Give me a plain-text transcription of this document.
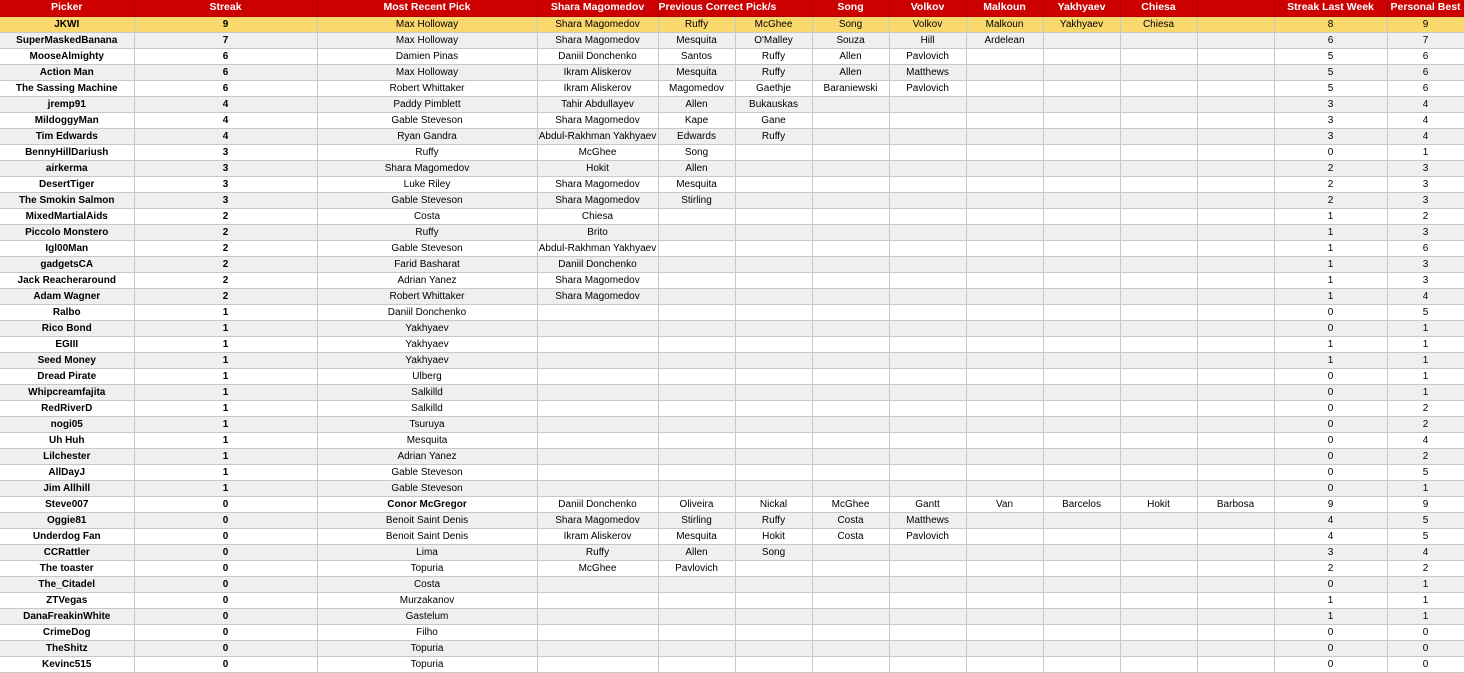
Picker	Streak	Most Recent Pick	Shara Magomedov	Previous Correct Pick/s		Song	Volkov	Malkoun	Yakhyaev	Chiesa		Streak Last Week	Personal Best
JKWI	9	Max Holloway	Shara Magomedov	Ruffy	McGhee	Song	Volkov	Malkoun	Yakhyaev	Chiesa		8	9
SuperMaskedBanana	7	Max Holloway	Shara Magomedov	Mesquita	O'Malley	Souza	Hill	Ardelean				6	7
MooseAlmighty	6	Damien Pinas	Daniil Donchenko	Santos	Ruffy	Allen	Pavlovich					5	6
Action Man	6	Max Holloway	Ikram Aliskerov	Mesquita	Ruffy	Allen	Matthews					5	6
The Sassing Machine	6	Robert Whittaker	Ikram Aliskerov	Magomedov	Gaethje	Baraniewski	Pavlovich					5	6
jremp91	4	Paddy Pimblett	Tahir Abdullayev	Allen	Bukauskas							3	4
MildoggyMan	4	Gable Steveson	Shara Magomedov	Kape	Gane							3	4
Tim Edwards	4	Ryan Gandra	Abdul-Rakhman Yakhyaev	Edwards	Ruffy							3	4
BennyHillDariush	3	Ruffy	McGhee	Song								0	1
airkerma	3	Shara Magomedov	Hokit	Allen								2	3
DesertTiger	3	Luke Riley	Shara Magomedov	Mesquita								2	3
The Smokin Salmon	3	Gable Steveson	Shara Magomedov	Stirling								2	3
MixedMartialAids	2	Costa	Chiesa									1	2
Piccolo Monstero	2	Ruffy	Brito									1	3
Igl00Man	2	Gable Steveson	Abdul-Rakhman Yakhyaev									1	6
gadgetsCA	2	Farid Basharat	Daniil Donchenko									1	3
Jack Reacheraround	2	Adrian Yanez	Shara Magomedov									1	3
Adam Wagner	2	Robert Whittaker	Shara Magomedov									1	4
Ralbo	1	Daniil Donchenko										0	5
Rico Bond	1	Yakhyaev										0	1
EGIII	1	Yakhyaev										1	1
Seed Money	1	Yakhyaev										1	1
Dread Pirate	1	Ulberg										0	1
Whipcreamfajita	1	Salkilld										0	1
RedRiverD	1	Salkilld										0	2
nogi05	1	Tsuruya										0	2
Uh Huh	1	Mesquita										0	4
Lilchester	1	Adrian Yanez										0	2
AllDayJ	1	Gable Steveson										0	5
Jim Allhill	1	Gable Steveson										0	1
Steve007	0	Conor McGregor	Daniil Donchenko	Oliveira	Nickal	McGhee	Gantt	Van	Barcelos	Hokit	Barbosa	9	9
Oggie81	0	Benoit Saint Denis	Shara Magomedov	Stirling	Ruffy	Costa	Matthews					4	5
Underdog Fan	0	Benoit Saint Denis	Ikram Aliskerov	Mesquita	Hokit	Costa	Pavlovich					4	5
CCRattler	0	Lima	Ruffy	Allen	Song							3	4
The toaster	0	Topuria	McGhee	Pavlovich								2	2
The_Citadel	0	Costa										0	1
ZTVegas	0	Murzakanov										1	1
DanaFreakinWhite	0	Gastelum										1	1
CrimeDog	0	Filho										0	0
TheShitz	0	Topuria										0	0
Kevinc515	0	Topuria										0	0
